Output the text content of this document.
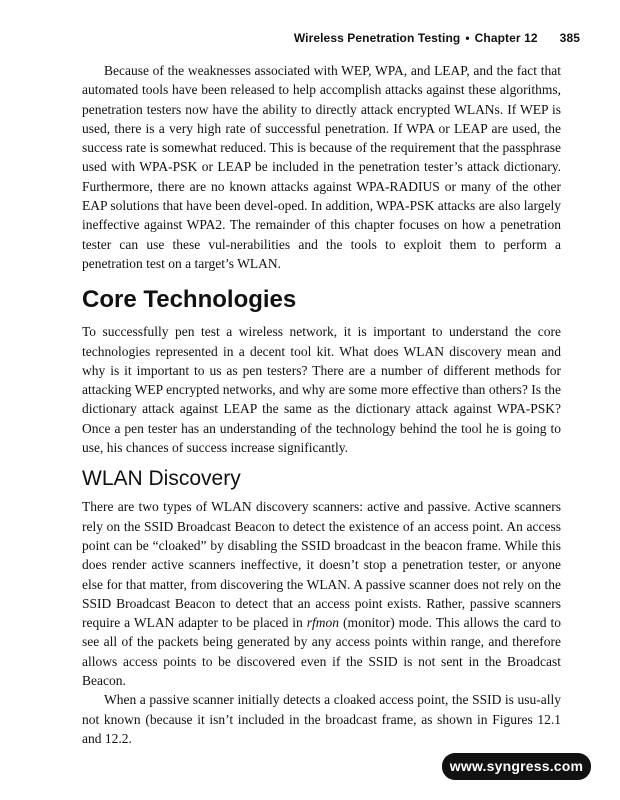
Wireless Penetration Testing • Chapter 12 385

Because of the weaknesses associated with WEP, WPA, and LEAP, and the fact that automated tools have been released to help accomplish attacks against these algorithms, penetration testers now have the ability to directly attack encrypted WLANs. If WEP is used, there is a very high rate of successful penetration. If WPA or LEAP are used, the success rate is somewhat reduced. This is because of the requirement that the passphrase used with WPA-PSK or LEAP be included in the penetration tester’s attack dictionary. Furthermore, there are no known attacks against WPA-RADIUS or many of the other EAP solutions that have been devel-oped. In addition, WPA-PSK attacks are also largely ineffective against WPA2. The remainder of this chapter focuses on how a penetration tester can use these vul-nerabilities and the tools to exploit them to perform a penetration test on a target’s WLAN.

Core Technologies

To successfully pen test a wireless network, it is important to understand the core technologies represented in a decent tool kit. What does WLAN discovery mean and why is it important to us as pen testers? There are a number of different methods for attacking WEP encrypted networks, and why are some more effective than others? Is the dictionary attack against LEAP the same as the dictionary attack against WPA-PSK? Once a pen tester has an understanding of the technology behind the tool he is going to use, his chances of success increase significantly.

WLAN Discovery

There are two types of WLAN discovery scanners: active and passive. Active scanners rely on the SSID Broadcast Beacon to detect the existence of an access point. An access point can be “cloaked” by disabling the SSID broadcast in the beacon frame. While this does render active scanners ineffective, it doesn’t stop a penetration tester, or anyone else for that matter, from discovering the WLAN. A passive scanner does not rely on the SSID Broadcast Beacon to detect that an access point exists. Rather, passive scanners require a WLAN adapter to be placed in rfmon (monitor) mode. This allows the card to see all of the packets being generated by any access points within range, and therefore allows access points to be discovered even if the SSID is not sent in the Broadcast Beacon.

When a passive scanner initially detects a cloaked access point, the SSID is usu-ally not known (because it isn’t included in the broadcast frame, as shown in Figures 12.1 and 12.2.

www.syngress.com
